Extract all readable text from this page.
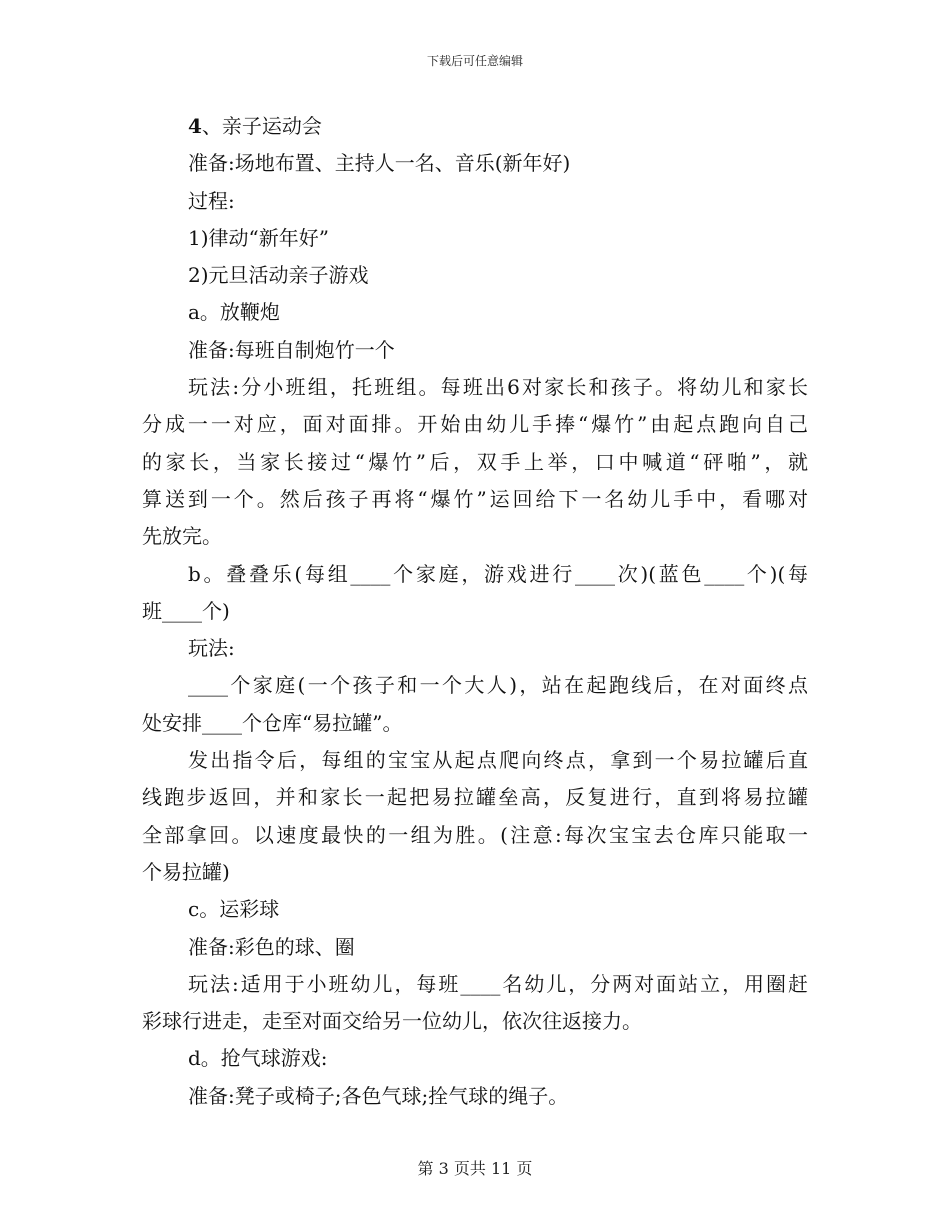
下载后可任意编辑
4、亲子运动会
准备:场地布置、主持人一名、音乐(新年好)
过程:
1)律动“新年好”
2)元旦活动亲子游戏
a。放鞭炮
准备:每班自制炮竹一个
玩法:分小班组，托班组。每班出6对家长和孩子。将幼儿和家长
分成一一对应，面对面排。开始由幼儿手捧“爆竹”由起点跑向自己
的家长，当家长接过“爆竹”后，双手上举，口中喊道“砰啪”，就
算送到一个。然后孩子再将“爆竹”运回给下一名幼儿手中，看哪对
先放完。
b。叠叠乐(每组____个家庭，游戏进行____次)(蓝色____个)(每
班____个)
玩法:
____个家庭(一个孩子和一个大人)，站在起跑线后，在对面终点
处安排____个仓库“易拉罐”。
发出指令后，每组的宝宝从起点爬向终点，拿到一个易拉罐后直
线跑步返回，并和家长一起把易拉罐垒高，反复进行，直到将易拉罐
全部拿回。以速度最快的一组为胜。(注意:每次宝宝去仓库只能取一
个易拉罐)
c。运彩球
准备:彩色的球、圈
玩法:适用于小班幼儿，每班____名幼儿，分两对面站立，用圈赶
彩球行进走，走至对面交给另一位幼儿，依次往返接力。
d。抢气球游戏:
准备:凳子或椅子;各色气球;拴气球的绳子。
第 3 页共 11 页
